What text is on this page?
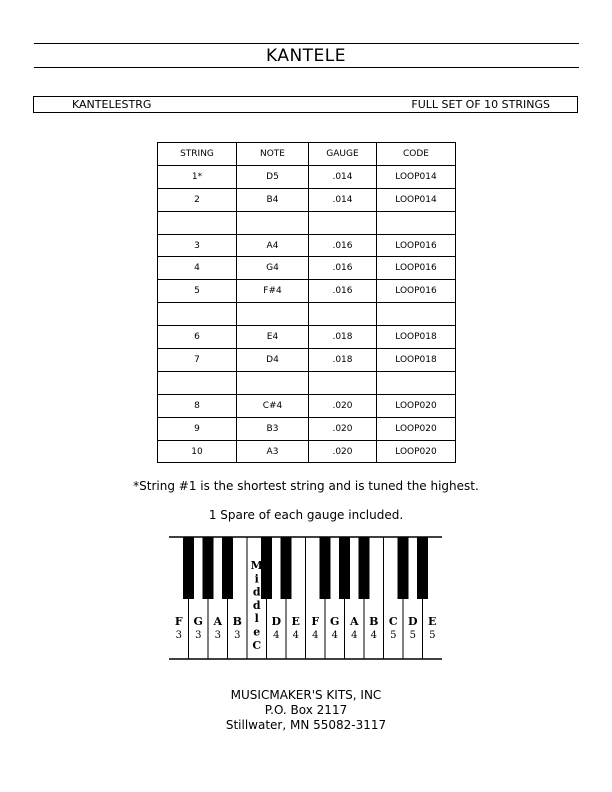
KANTELE
KANTELESTRG	FULL SET OF 10 STRINGS
STRING	NOTE	GAUGE	CODE
1*	D5	.014	LOOP014
2	B4	.014	LOOP014

3	A4	.016	LOOP016
4	G4	.016	LOOP016
5	F#4	.016	LOOP016

6	E4	.018	LOOP018
7	D4	.018	LOOP018

8	C#4	.020	LOOP020
9	B3	.020	LOOP020
10	A3	.020	LOOP020
*String #1 is the shortest string and is tuned the highest.
1 Spare of each gauge included.
F
3
G
3
A
3
B
3
D
4
E
4
F
4
G
4
A
4
B
4
C
5
D
5
E
5
M i d d l e C
MUSICMAKER'S KITS, INC
P.O. Box 2117
Stillwater, MN 55082-3117
